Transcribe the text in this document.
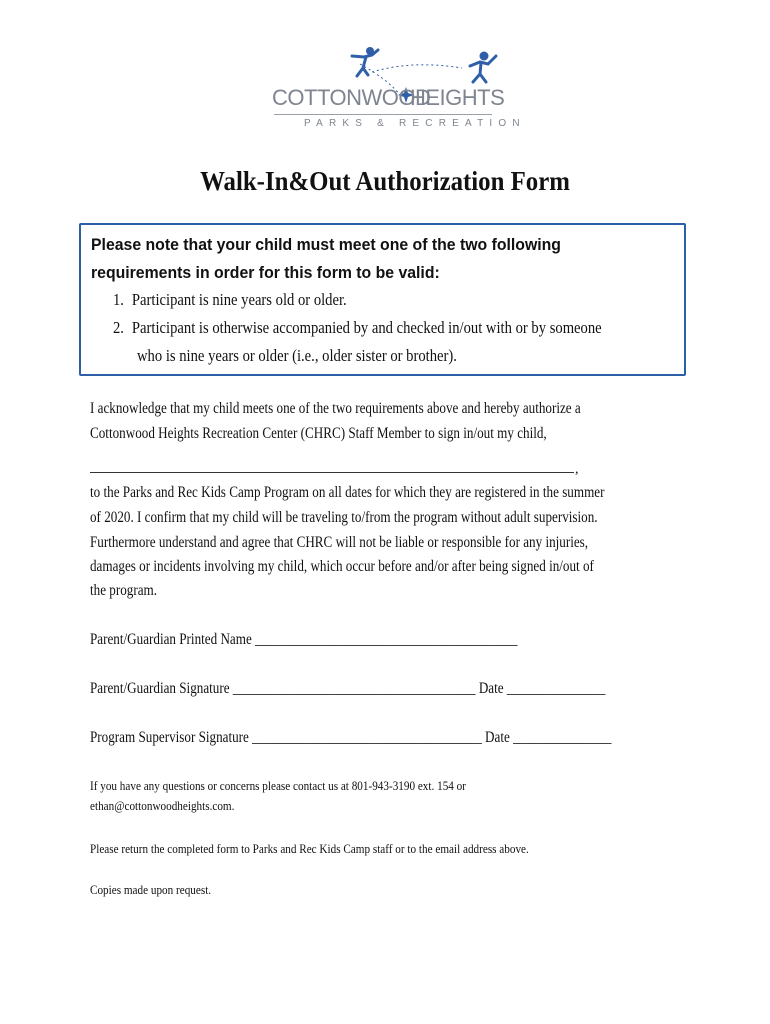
COTTONWOOD
HEIGHTS
PARKS & RECREATION
Walk-In&Out Authorization Form
Please note that your child must meet one of the two following
requirements in order for this form to be valid:
1. Participant is nine years old or older.
2. Participant is otherwise accompanied by and checked in/out with or by someone
who is nine years or older (i.e., older sister or brother).
I acknowledge that my child meets one of the two requirements above and hereby authorize a
Cottonwood Heights Recreation Center (CHRC) Staff Member to sign in/out my child,
,
to the Parks and Rec Kids Camp Program on all dates for which they are registered in the summer
of 2020. I confirm that my child will be traveling to/from the program without adult supervision.
Furthermore understand and agree that CHRC will not be liable or responsible for any injuries,
damages or incidents involving my child, which occur before and/or after being signed in/out of
the program.
Parent/Guardian Printed Name ________________________________________
Parent/Guardian Signature _____________________________________ Date _______________
Program Supervisor Signature ___________________________________ Date _______________
If you have any questions or concerns please contact us at 801-943-3190 ext. 154 or
ethan@cottonwoodheights.com.
Please return the completed form to Parks and Rec Kids Camp staff or to the email address above.
Copies made upon request.
